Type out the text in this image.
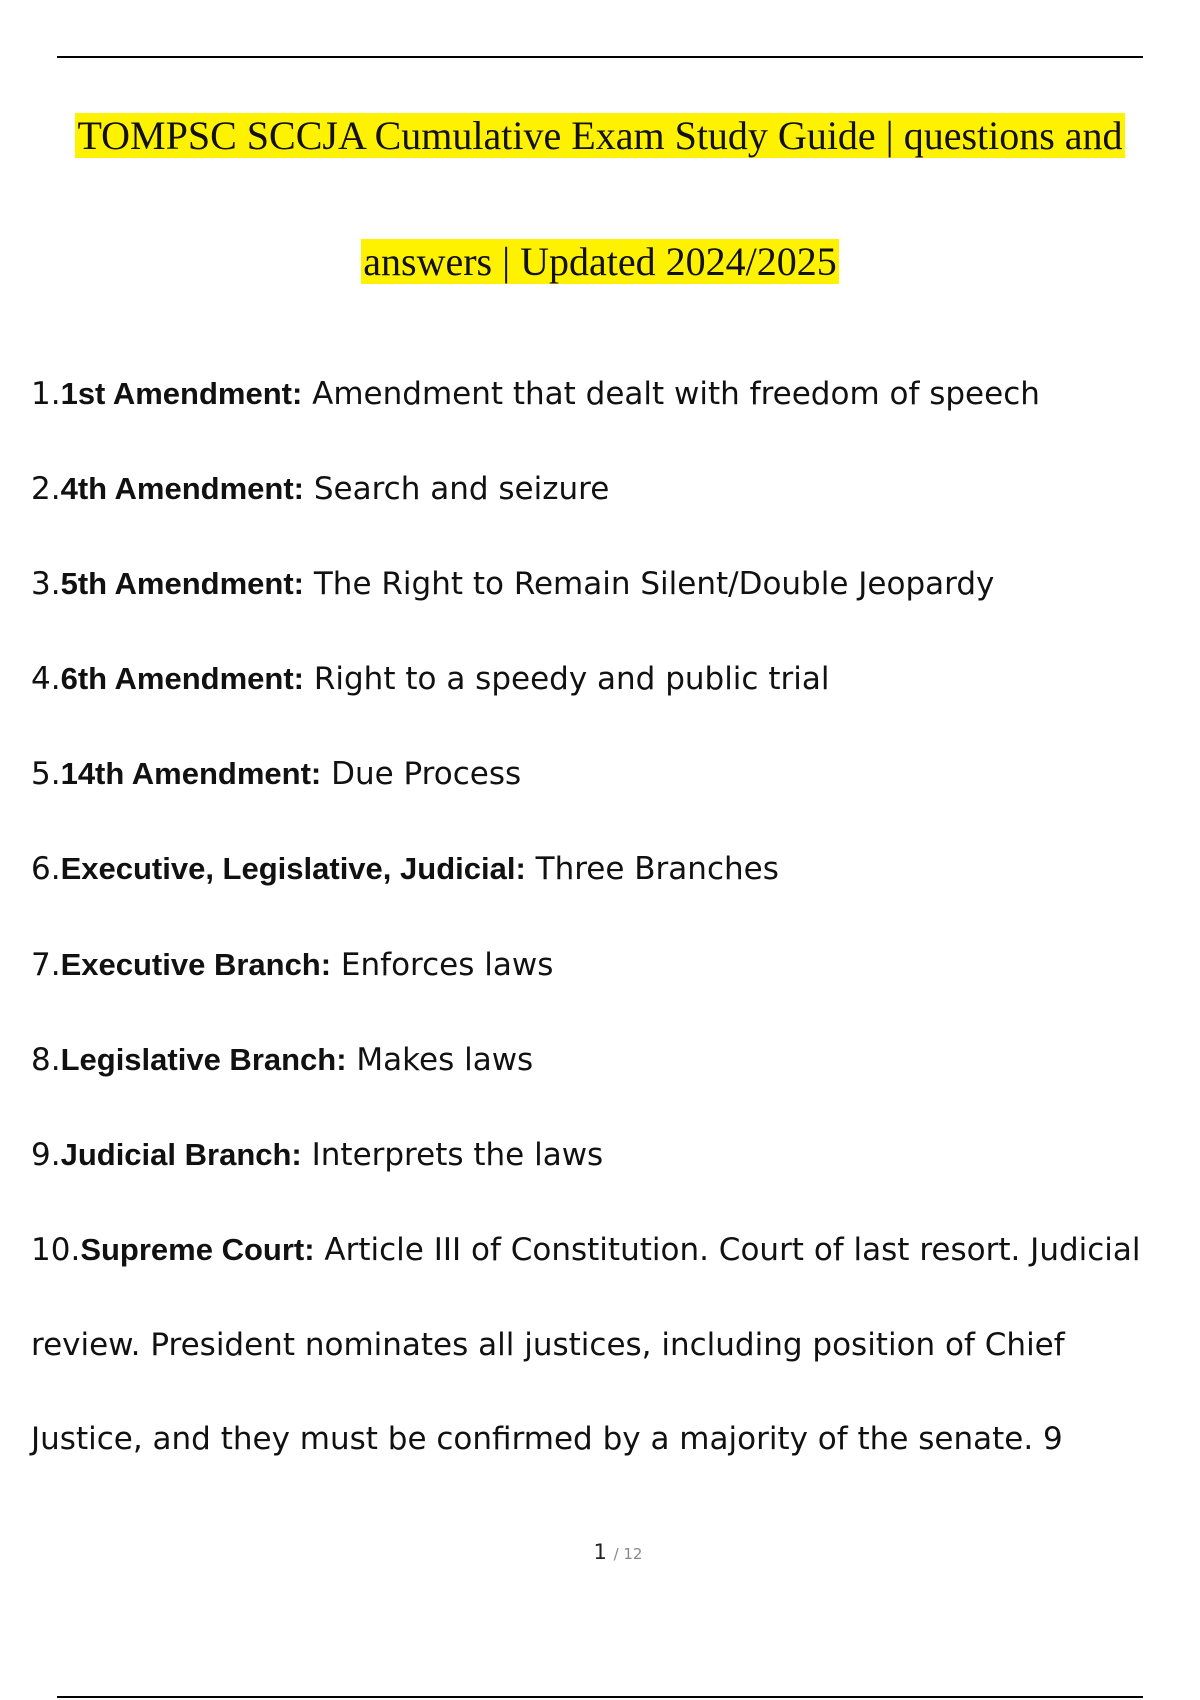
TOMPSC SCCJA Cumulative Exam Study Guide | questions and
answers | Updated 2024/2025
1.1st Amendment: Amendment that dealt with freedom of speech
2.4th Amendment: Search and seizure
3.5th Amendment: The Right to Remain Silent/Double Jeopardy
4.6th Amendment: Right to a speedy and public trial
5.14th Amendment: Due Process
6.Executive, Legislative, Judicial: Three Branches
7.Executive Branch: Enforces laws
8.Legislative Branch: Makes laws
9.Judicial Branch: Interprets the laws
10.Supreme Court: Article III of Constitution. Court of last resort. Judicial
review. President nominates all justices, including position of Chief
Justice, and they must be confirmed by a majority of the senate. 9
1 / 12
